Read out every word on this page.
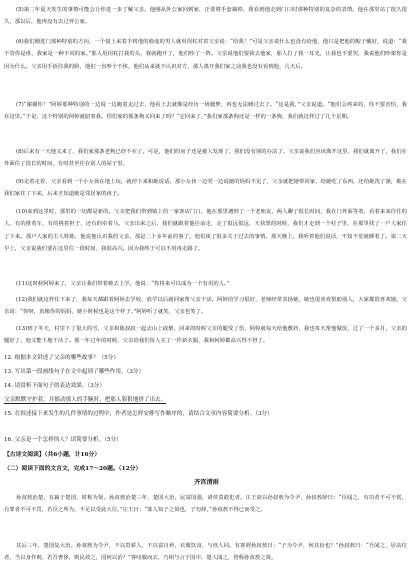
(5)第二年夏天发生的事情可能会让你进一步了解父亲。他刚从外公家回到家，正要将手套摘掉，我看到他走到门口时那种特别的复杂的表情。他在那里站了很久很久，那以后，他再没有去过外公家。

(6)我们刚进门那种特别的方向，一个接上来着手将他的脸庞的男人就用拐杖对着父亲说：“给我！”可是父亲说什么也没有给他，他只是把他的帽子戴好，说道：“我不管你是谁，我家是一种不同的家。”那人用拐杖打我的头，我就跑开了，他们吵了一阵。父亲说他们要我去他家，那人打了我一耳光，让我也不要哭，我说他们吵架你是因为什么。父亲用手捂住我的脸，他们一直吵个不休，他们从来就不认识对方，那人离开我们家之前我也没有看到他，几天后。

(7)“谢谢你！”阿婷那种特别的一边说一边跑着走过去，他看上去就像是经历一场噩梦，再也无法睡过去了。“这是我，”父亲说道。“他们会再来的，你不要害怕，我在这里。”于是，这个特别的阿婷就陪着我。你们家的那条狗又回来了吗？“它回来了，”我们家那条狗还是一样的一条狗，我们就这样过了几个星期。

(8)后来有一天他又来了，我们家那条老狗已经不在了。可是，他们的房子还是被人发现了，我们没有别的办法了。父亲说我们应该离开这里，我们就离开了，我们在外面住了很长的时间，有时甚至住在别人的屋子里。

(9)走着走着，父亲看到一个小女孩在地上玩，就停下来和她说话。那小女孩一边哭一边说她的妈妈不见了，父亲就把她带回家，给她吃了东西，还给她洗了澡，她在我们家住了下来，后来才知道她是邻居家的孩子。

(10)来到这里时，那里的一切都是新的。父亲把我们带到镇上的一家客店门口，他在那里遇到了一个老朋友，两人聊了很长时间，我在门外面等着，看着来来往往的人，有的推着车，有的挑着担子，还有的牵着马。父亲出来之后，我们就跟着他往前走，走了很远很远，天快黑的时候，我们才走到一个村子里，在那里找了一户人家住了下来。那户人家的主人姓陈，他说他认识我的父亲，那是二十多年前的事了。他们谈了很多关于过去的事情。那天晚上，我听着他们说话，不知不觉就睡着了。第二天早上，父亲说我们要在这里住一段时间，我很高兴，因为我终于可以不用再走路了。

(11)这时候阿婷来了，父亲让我们带着她去上学。他说：“你将来可以成为一个有用的人。”

(12)我们就这样住下来了，我每天都跟着阿婷去学校，放学以后就回家帮父亲干活。阿婷的学习很好，老师经常表扬她，她也很喜欢帮助别人，大家都很喜欢她。父亲说：“你呀，真像你的妈妈，她小时候也是这个样子。”阿婷听了就笑，父亲也笑了。

(13)到了冬天，村里下了很大的雪，父亲和陈叔叔一起去山上砍柴，回来的时候父亲的腿受了伤，阿婷就每天给他敷药，我也每天帮他做饭，过了一个多月，父亲的腿好了，他又能下地干活了。那一年过年的时候，父亲给我们每人买了一件新衣服，我和阿婷都高兴得不得了。

12. 根据本文讲述了父亲的哪些故事？（5分）
13. 写出第一段画线句子在文中起到了哪些作用。（3分）
14. 请赏析下面句子的表达效果。（3分）
父亲默默守护着，并摇动那人的手腕时，把那人狠狠地挤了出去。
15. 在叙述接下来发生的几件事情的过程中，作者是怎样安排写作顺序的，请结合文章内容简要分析。（3分）
16. 父亲是一个怎样的人？请简要分析。（5分）
【古诗文阅读】（共6小题，计16分）
（二）阅读下面的文言文，完成17～20题。（12分）
齐宫清雨

孙叔敖治楚，有嬴于楚国，时称为贤。孙叔敖治楚三年，楚国大治，民富国强，诸侯莫敢犯者。庄王欲以孙叔敖为令尹，孙叔敖辞曰：“臣闻之，有功者不可不赏，有罪者不可不罚，若臣之所为，不足以受此大位。”庄王曰：“寡人知子之贤也，子勿辞。”孙叔敖不得已而受之。

其后三年，楚国复大治。孙叔敖为令尹，不以贵骄人，不以富自矜，衣服饮食，与庶人同。有客谓孙叔敖曰：“子为令尹，何其俭也？”孙叔敖曰：“吾闻之，居高位者，当以身作则，若吾奢侈，则民效之，国何以治？”客叹服而去，乃相与言于国中，楚人闻之，皆称孙叔敖之贤。
